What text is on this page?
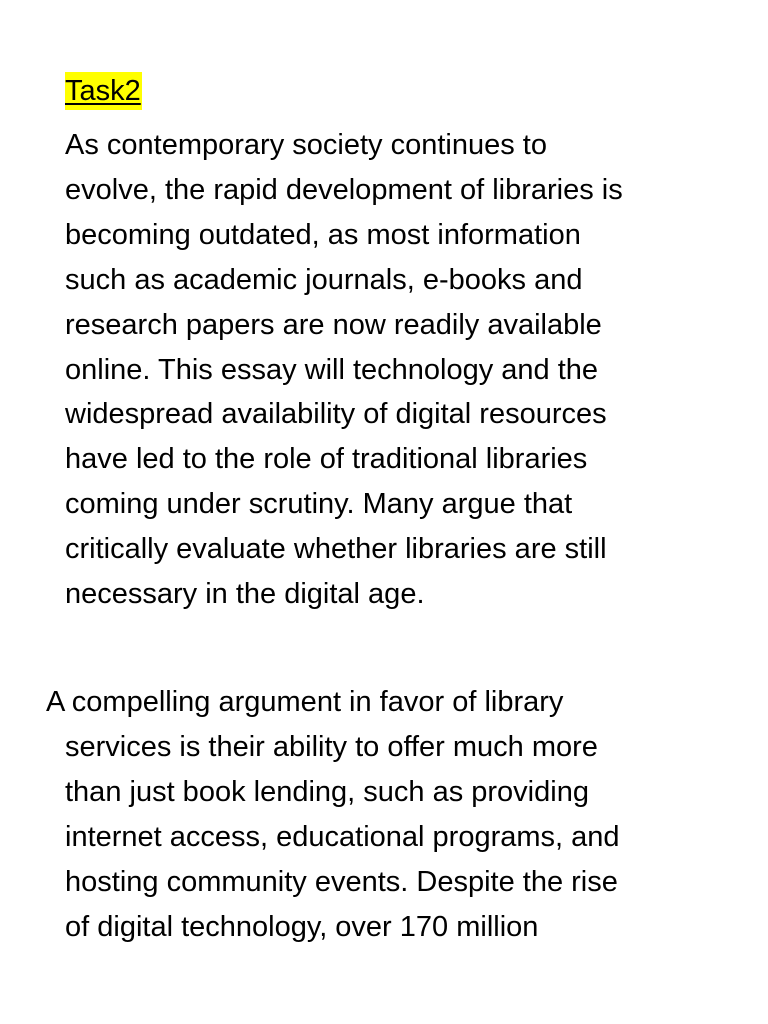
Task2
As contemporary society continues to
evolve, the rapid development of libraries is
becoming outdated, as most information
such as academic journals, e-books and
research papers are now readily available
online. This essay will technology and the
widespread availability of digital resources
have led to the role of traditional libraries
coming under scrutiny. Many argue that
critically evaluate whether libraries are still
necessary in the digital age.
A compelling argument in favor of library
services is their ability to offer much more
than just book lending, such as providing
internet access, educational programs, and
hosting community events. Despite the rise
of digital technology, over 170 million
